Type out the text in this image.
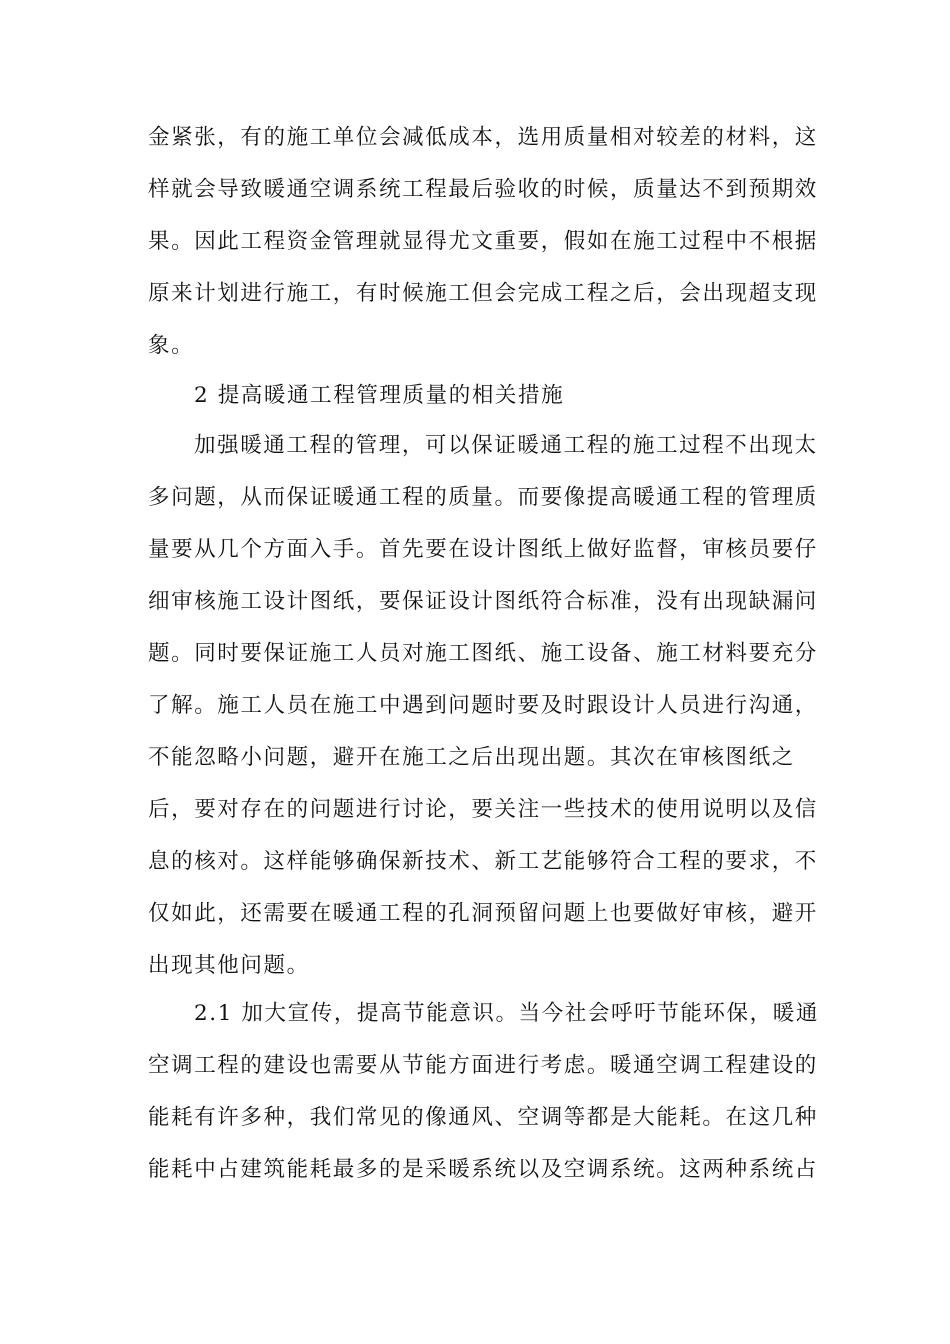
金紧张，有的施工单位会减低成本，选用质量相对较差的材料，这
样就会导致暖通空调系统工程最后验收的时候，质量达不到预期效
果。因此工程资金管理就显得尤文重要，假如在施工过程中不根据
原来计划进行施工，有时候施工但会完成工程之后，会出现超支现
象。
2 提高暖通工程管理质量的相关措施
加强暖通工程的管理，可以保证暖通工程的施工过程不出现太
多问题，从而保证暖通工程的质量。而要像提高暖通工程的管理质
量要从几个方面入手。首先要在设计图纸上做好监督，审核员要仔
细审核施工设计图纸，要保证设计图纸符合标准，没有出现缺漏问
题。同时要保证施工人员对施工图纸、施工设备、施工材料要充分
了解。施工人员在施工中遇到问题时要及时跟设计人员进行沟通，
不能忽略小问题，避开在施工之后出现出题。其次在审核图纸之
后，要对存在的问题进行讨论，要关注一些技术的使用说明以及信
息的核对。这样能够确保新技术、新工艺能够符合工程的要求，不
仅如此，还需要在暖通工程的孔洞预留问题上也要做好审核，避开
出现其他问题。
2.1 加大宣传，提高节能意识。当今社会呼吁节能环保，暖通
空调工程的建设也需要从节能方面进行考虑。暖通空调工程建设的
能耗有许多种，我们常见的像通风、空调等都是大能耗。在这几种
能耗中占建筑能耗最多的是采暖系统以及空调系统。这两种系统占
